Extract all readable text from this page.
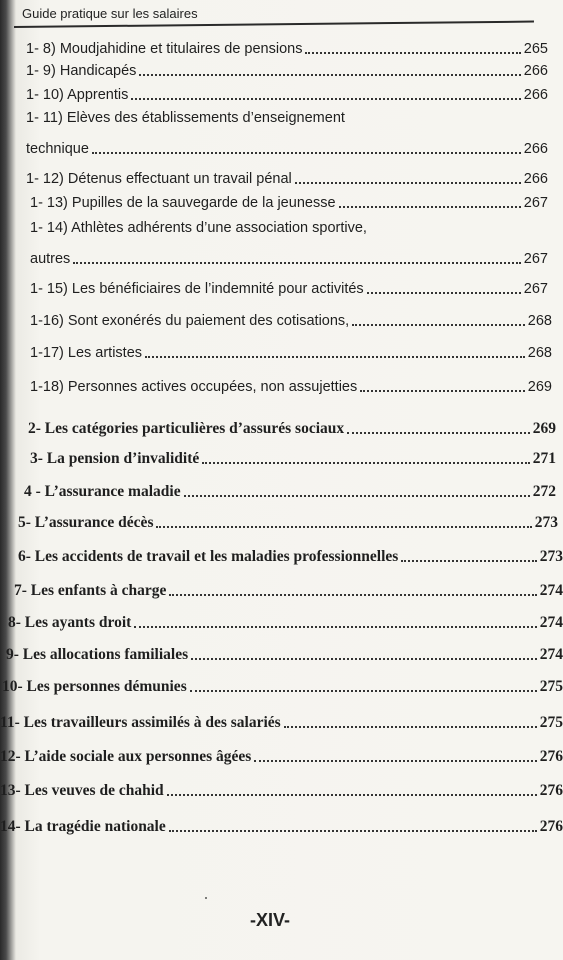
Guide pratique sur les salaires
1- 8) Moudjahidine et titulaires de pensions	265
1- 9) Handicapés	266
1- 10) Apprentis	266
1- 11) Elèves des établissements d’enseignement
technique	266
1- 12) Détenus effectuant un travail pénal	266
1- 13) Pupilles de la sauvegarde de la jeunesse	267
1- 14) Athlètes adhérents d’une association sportive,
autres	267
1- 15) Les bénéficiaires de l’indemnité pour activités	267
1-16) Sont exonérés du paiement des cotisations,	268
1-17) Les artistes	268
1-18) Personnes actives occupées, non assujetties	269
2- Les catégories particulières d’assurés sociaux	269
3- La pension d’invalidité	271
4 - L’assurance maladie	272
5- L’assurance décès	273
6- Les accidents de travail et les maladies professionnelles	273
7- Les enfants à charge	274
8- Les ayants droit	274
9- Les allocations familiales	274
10- Les personnes démunies	275
11- Les travailleurs assimilés à des salariés	275
12- L’aide sociale aux personnes âgées	276
13- Les veuves de chahid	276
14- La tragédie nationale	276
-XIV-
